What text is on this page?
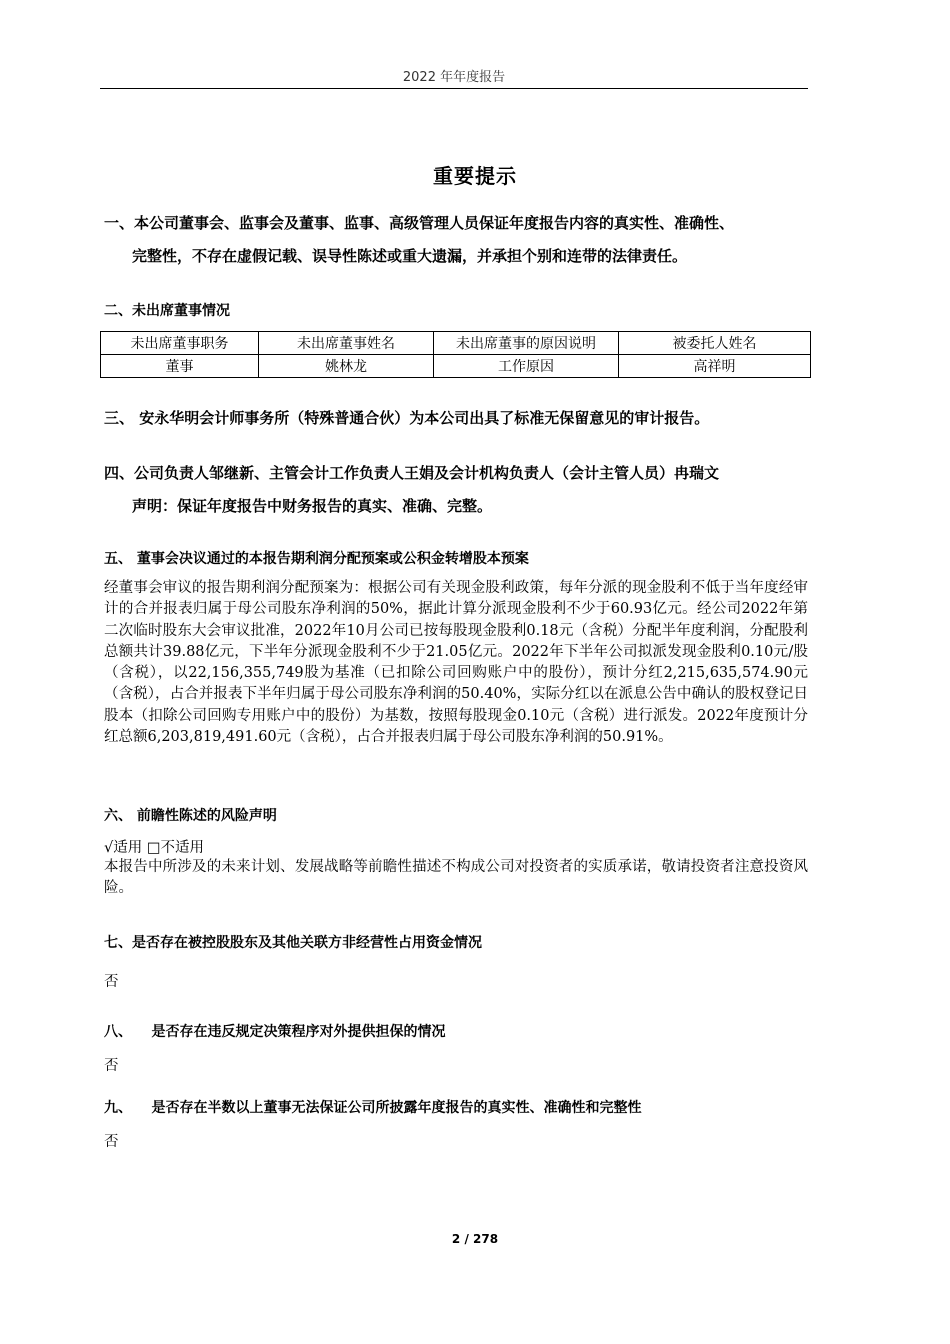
2022 年年度报告
重要提示
一、本公司董事会、监事会及董事、监事、高级管理人员保证年度报告内容的真实性、准确性、
完整性，不存在虚假记载、误导性陈述或重大遗漏，并承担个别和连带的法律责任。
二、未出席董事情况
未出席董事职务	未出席董事姓名	未出席董事的原因说明	被委托人姓名
董事	姚林龙	工作原因	高祥明
三、 安永华明会计师事务所（特殊普通合伙）为本公司出具了标准无保留意见的审计报告。
四、公司负责人邹继新、主管会计工作负责人王娟及会计机构负责人（会计主管人员）冉瑞文
声明：保证年度报告中财务报告的真实、准确、完整。
五、 董事会决议通过的本报告期利润分配预案或公积金转增股本预案
经董事会审议的报告期利润分配预案为：根据公司有关现金股利政策，每年分派的现金股利不低于当年度经审计的合并报表归属于母公司股东净利润的50%，据此计算分派现金股利不少于60.93亿元。经公司2022年第二次临时股东大会审议批准，2022年10月公司已按每股现金股利0.18元（含税）分配半年度利润，分配股利总额共计39.88亿元，下半年分派现金股利不少于21.05亿元。2022年下半年公司拟派发现金股利0.10元/股（含税），以22,156,355,749股为基准（已扣除公司回购账户中的股份），预计分红2,215,635,574.90元（含税），占合并报表下半年归属于母公司股东净利润的50.40%，实际分红以在派息公告中确认的股权登记日股本（扣除公司回购专用账户中的股份）为基数，按照每股现金0.10元（含税）进行派发。2022年度预计分红总额6,203,819,491.60元（含税），占合并报表归属于母公司股东净利润的50.91%。
六、 前瞻性陈述的风险声明
√适用 □不适用
本报告中所涉及的未来计划、发展战略等前瞻性描述不构成公司对投资者的实质承诺，敬请投资者注意投资风险。
七、是否存在被控股股东及其他关联方非经营性占用资金情况
否
八、    是否存在违反规定决策程序对外提供担保的情况
否
九、    是否存在半数以上董事无法保证公司所披露年度报告的真实性、准确性和完整性
否
2 / 278
